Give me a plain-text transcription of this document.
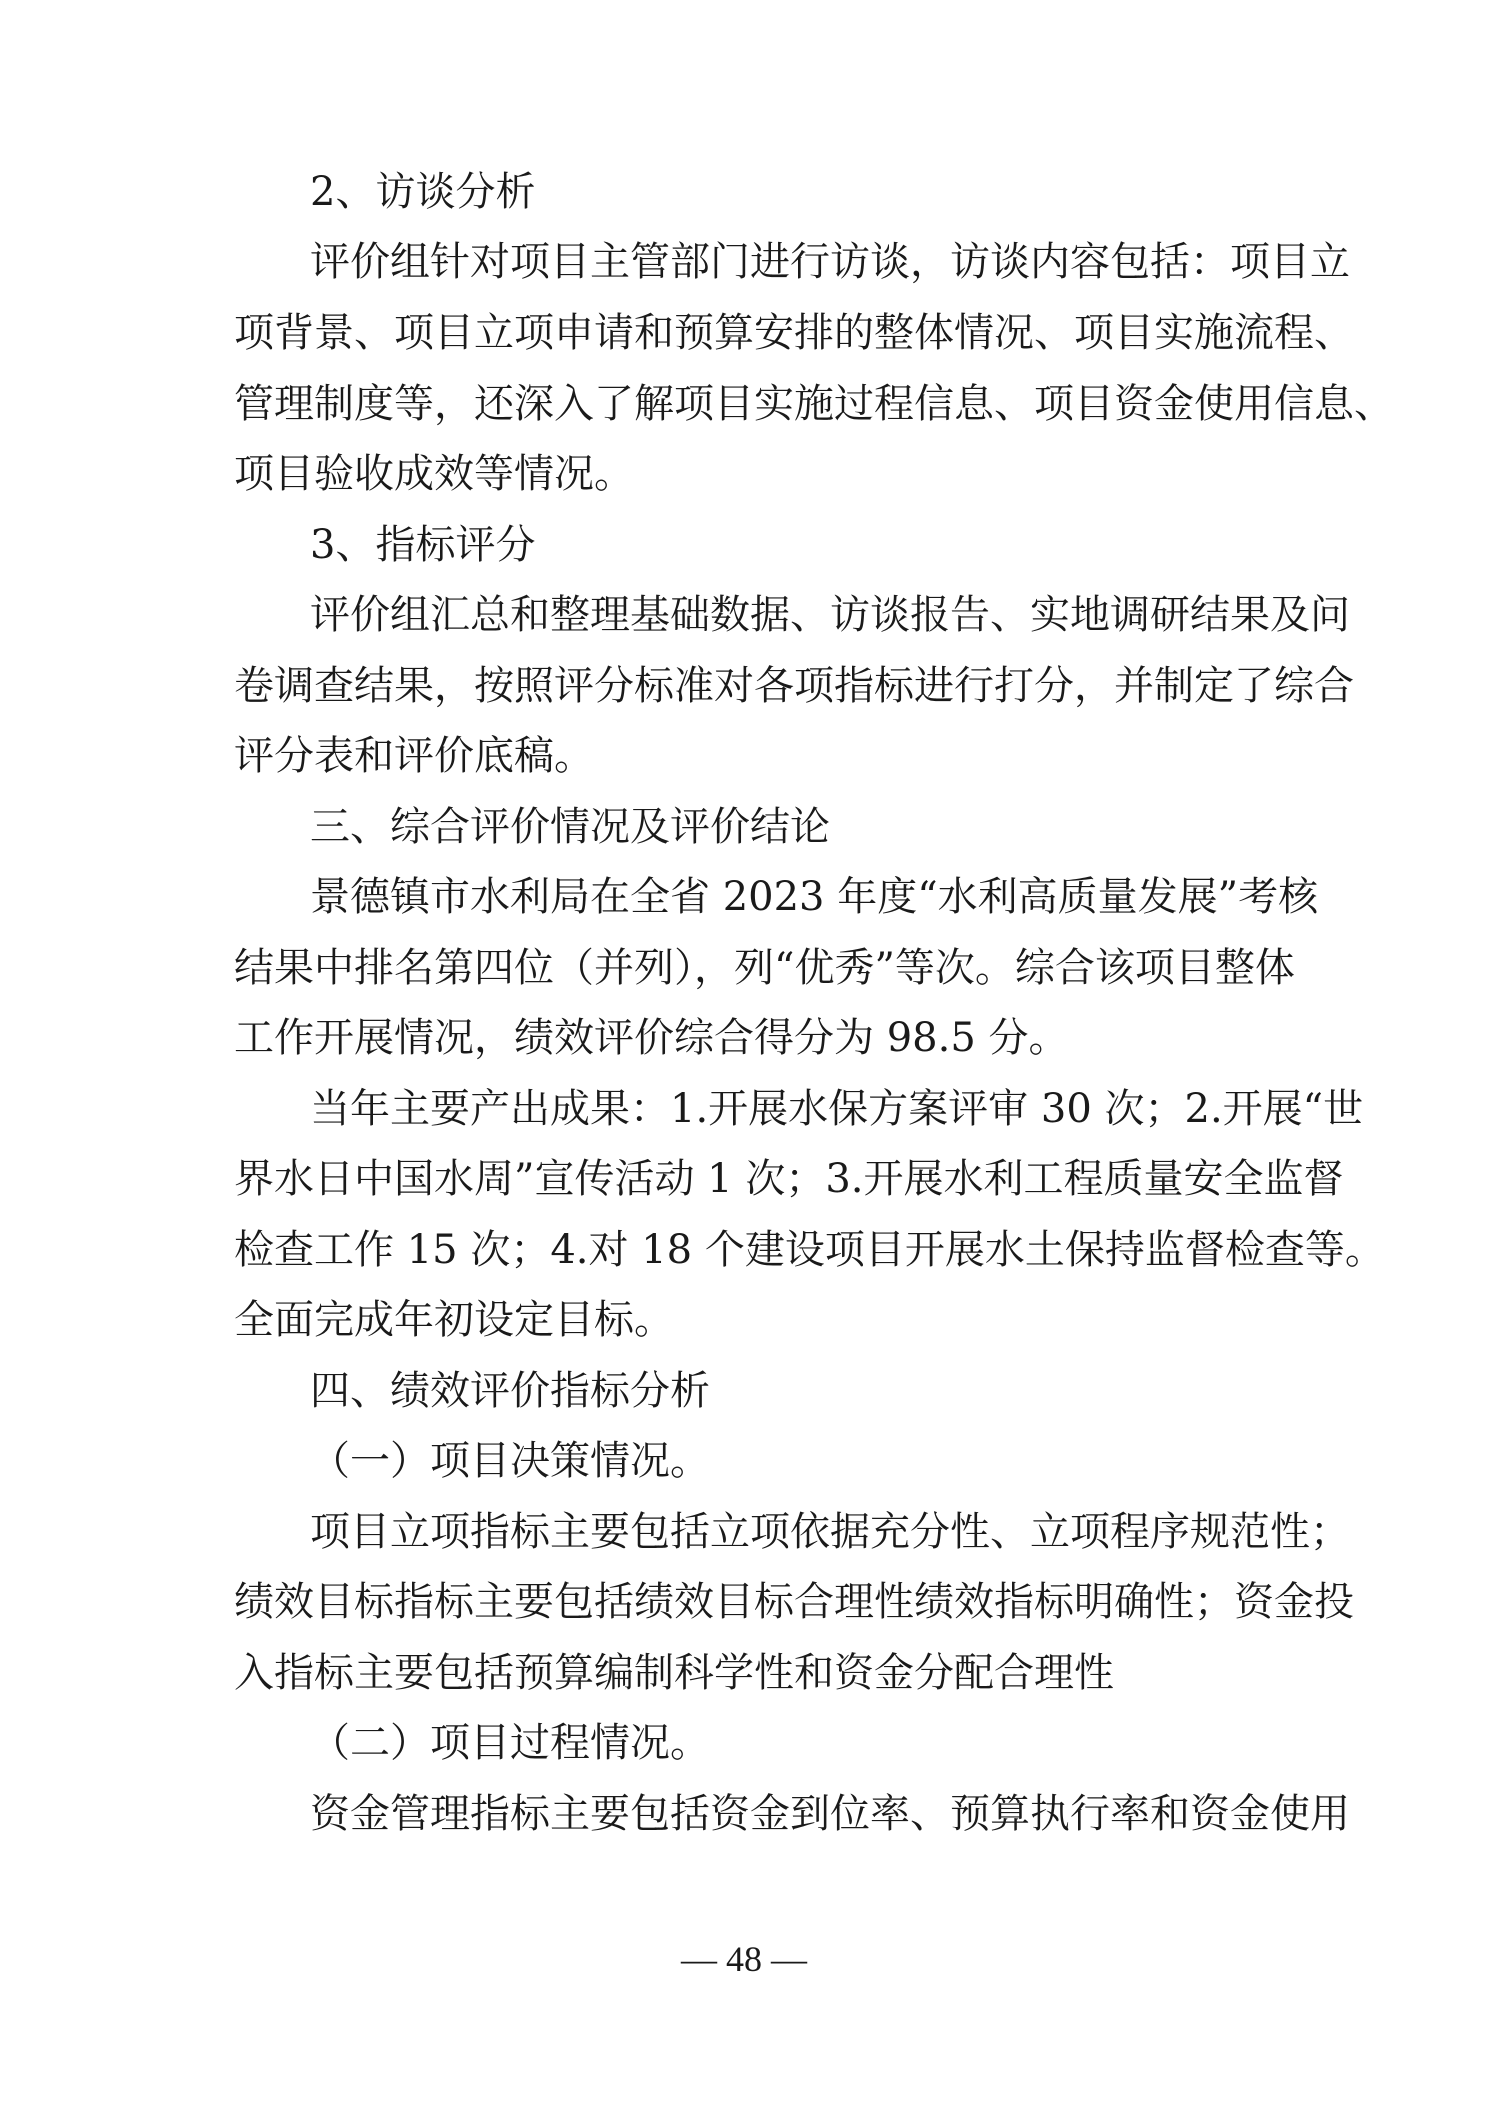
2、访谈分析
评价组针对项目主管部门进行访谈，访谈内容包括：项目立
项背景、项目立项申请和预算安排的整体情况、项目实施流程、
管理制度等，还深入了解项目实施过程信息、项目资金使用信息、
项目验收成效等情况。
3、指标评分
评价组汇总和整理基础数据、访谈报告、实地调研结果及问
卷调查结果，按照评分标准对各项指标进行打分，并制定了综合
评分表和评价底稿。
三、综合评价情况及评价结论
景德镇市水利局在全省 2023 年度“水利高质量发展”考核
结果中排名第四位（并列），列“优秀”等次。综合该项目整体
工作开展情况，绩效评价综合得分为 98.5 分。
当年主要产出成果：1.开展水保方案评审 30 次；2.开展“世
界水日中国水周”宣传活动 1 次；3.开展水利工程质量安全监督
检查工作 15 次；4.对 18 个建设项目开展水土保持监督检查等。
全面完成年初设定目标。
四、绩效评价指标分析
（一）项目决策情况。
项目立项指标主要包括立项依据充分性、立项程序规范性；
绩效目标指标主要包括绩效目标合理性绩效指标明确性；资金投
入指标主要包括预算编制科学性和资金分配合理性
（二）项目过程情况。
资金管理指标主要包括资金到位率、预算执行率和资金使用
— 48 —
